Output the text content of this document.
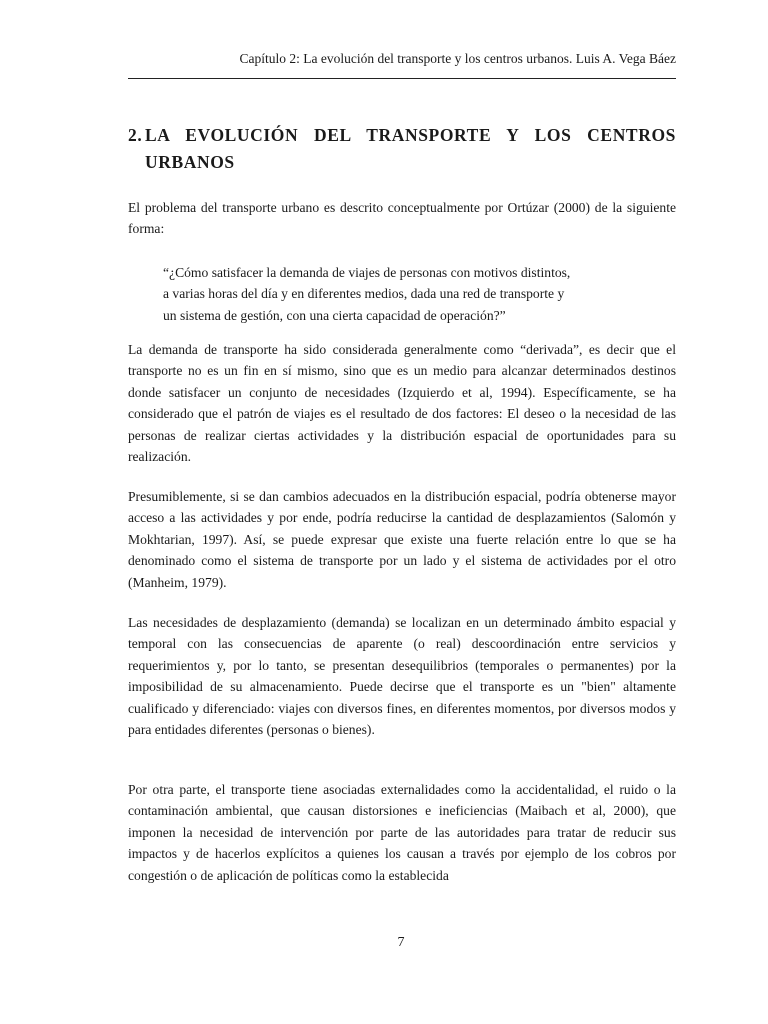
Capítulo 2: La evolución del transporte y los centros urbanos. Luis A. Vega Báez
2. LA EVOLUCIÓN DEL TRANSPORTE Y LOS CENTROS URBANOS

El problema del transporte urbano es descrito conceptualmente por Ortúzar (2000) de la siguiente forma:

“¿Cómo satisfacer la demanda de viajes de personas con motivos distintos,
a varias horas del día y en diferentes medios, dada una red de transporte y
un sistema de gestión, con una cierta capacidad de operación?”

La demanda de transporte ha sido considerada generalmente como “derivada”, es decir que el transporte no es un fin en sí mismo, sino que es un medio para alcanzar determinados destinos donde satisfacer un conjunto de necesidades (Izquierdo et al, 1994). Específicamente, se ha considerado que el patrón de viajes es el resultado de dos factores: El deseo o la necesidad de las personas de realizar ciertas actividades y la distribución espacial de oportunidades para su realización.

Presumiblemente, si se dan cambios adecuados en la distribución espacial, podría obtenerse mayor acceso a las actividades y por ende, podría reducirse la cantidad de desplazamientos (Salomón y Mokhtarian, 1997). Así, se puede expresar que existe una fuerte relación entre lo que se ha denominado como el sistema de transporte por un lado y el sistema de actividades por el otro (Manheim, 1979).

Las necesidades de desplazamiento (demanda) se localizan en un determinado ámbito espacial y temporal con las consecuencias de aparente (o real) descoordinación entre servicios y requerimientos y, por lo tanto, se presentan desequilibrios (temporales o permanentes) por la imposibilidad de su almacenamiento. Puede decirse que el transporte es un "bien" altamente cualificado y diferenciado: viajes con diversos fines, en diferentes momentos, por diversos modos y para entidades diferentes (personas o bienes).

Por otra parte, el transporte tiene asociadas externalidades como la accidentalidad, el ruido o la contaminación ambiental, que causan distorsiones e ineficiencias (Maibach et al, 2000), que imponen la necesidad de intervención por parte de las autoridades para tratar de reducir sus impactos y de hacerlos explícitos a quienes los causan a través por ejemplo de los cobros por congestión o de aplicación de políticas como la establecida

7
